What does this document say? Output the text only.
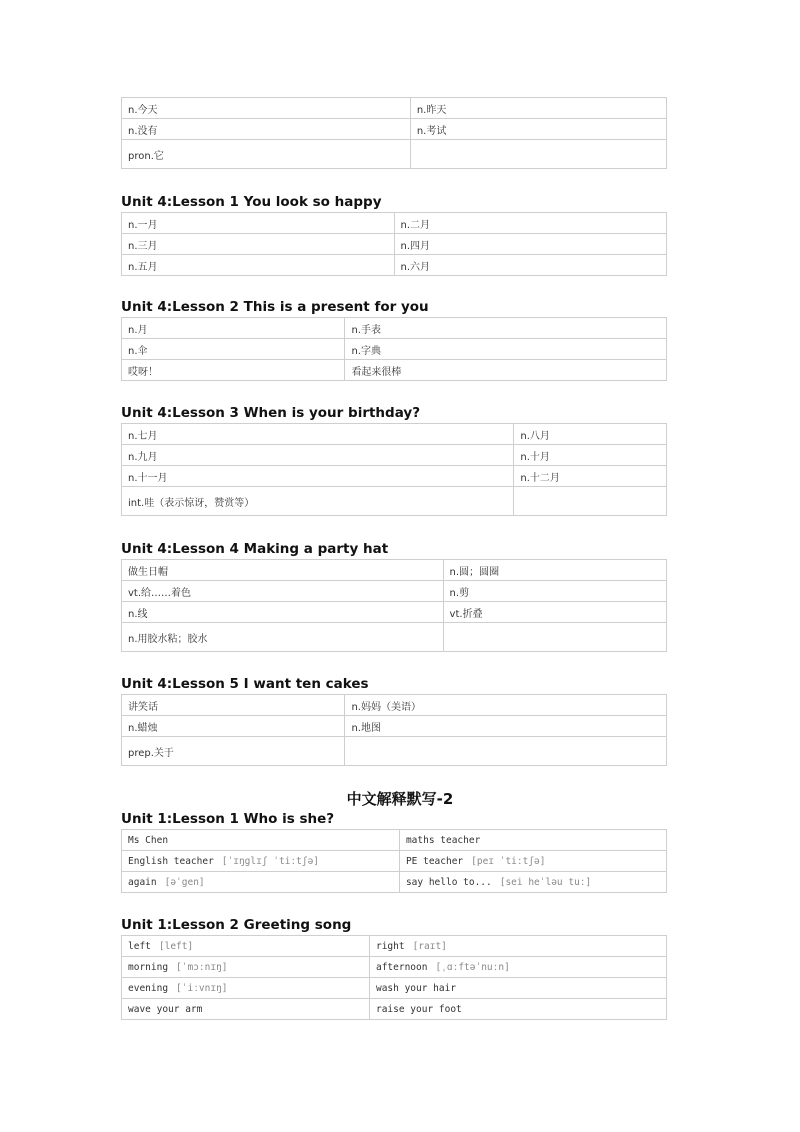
n.今天	n.昨天
n.没有	n.考试
pron.它	
Unit 4:Lesson 1 You look so happy
n.一月	n.二月
n.三月	n.四月
n.五月	n.六月
Unit 4:Lesson 2 This is a present for you
n.月	n.手表
n.伞	n.字典
哎呀！	看起来很棒
Unit 4:Lesson 3 When is your birthday?
n.七月	n.八月
n.九月	n.十月
n.十一月	n.十二月
int.哇（表示惊讶，赞赏等）	
Unit 4:Lesson 4 Making a party hat
做生日帽	n.圆；圆圈
vt.给……着色	n.剪
n.线	vt.折叠
n.用胶水粘；胶水	
Unit 4:Lesson 5 I want ten cakes
讲笑话	n.妈妈（美语）
n.蜡烛	n.地图
prep.关于	
中文解释默写-2
Unit 1:Lesson 1 Who is she?
Ms Chen	maths teacher
English teacher [ˈɪŋglɪʃ ˈtiːtʃə]	PE teacher [peɪ ˈtiːtʃə]
again [əˈgen]	say hello to... [sei heˈləu tuː]
Unit 1:Lesson 2 Greeting song
left [left]	right [raɪt]
morning [ˈmɔːnɪŋ]	afternoon [ˌɑːftəˈnuːn]
evening [ˈiːvnɪŋ]	wash your hair
wave your arm	raise your foot
